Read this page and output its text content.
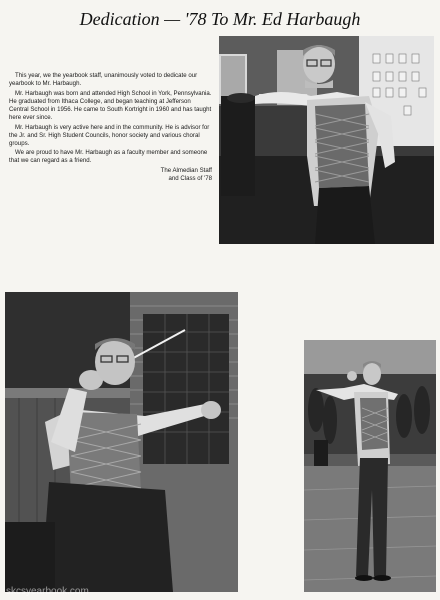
Dedication — '78 To Mr. Ed Harbaugh

This year, we the yearbook staff, unanimously voted to dedicate our yearbook to Mr. Harbaugh.

Mr. Harbaugh was born and attended High School in York, Pennsylvania. He graduated from Ithaca College, and began teaching at Jefferson Central School in 1956. He came to South Kortright in 1960 and has taught here ever since.

Mr. Harbaugh is very active here and in the community. He is advisor for the Jr. and Sr. High Student Councils, honor society and various choral groups.

We are proud to have Mr. Harbaugh as a faculty member and someone that we can regard as a friend.

The Almedian Staff
and Class of '78
skcsyearbook.com
